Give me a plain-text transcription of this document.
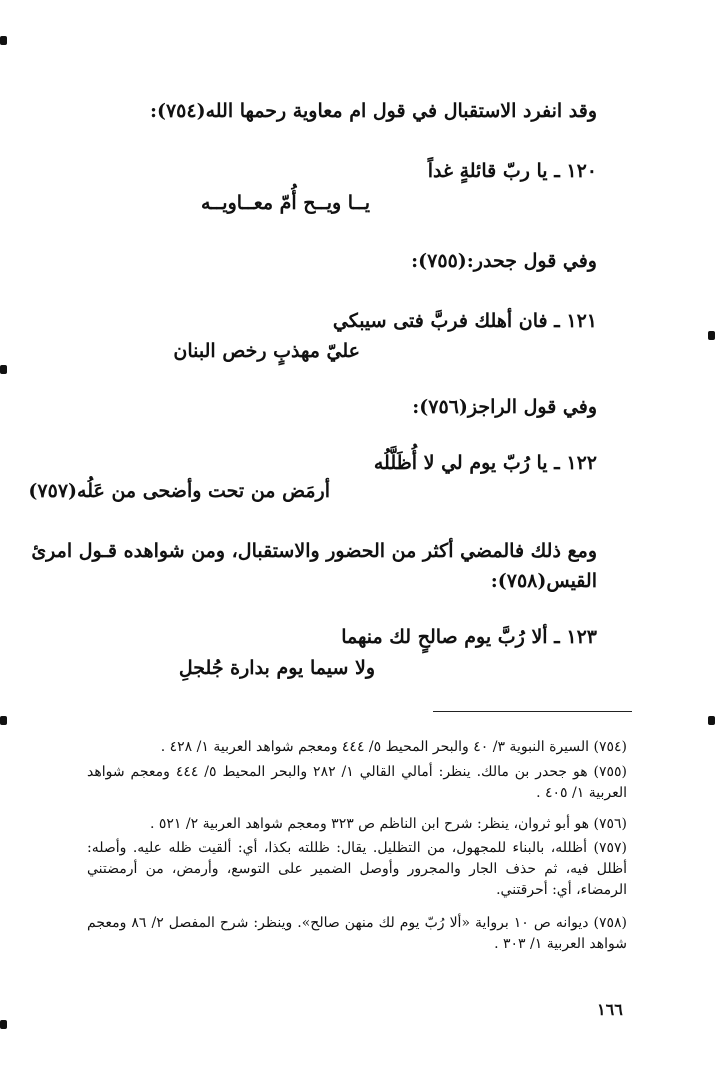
وقد انفرد الاستقبال في قول ام معاوية رحمها الله(٧٥٤):
١٢٠ ـ يا ربّ قائلةٍ غداً
يــا ويــح أُمّ معــاويــه
وفي قول جحدر:(٧٥٥):
١٢١ ـ فان أهلك فربَّ فتى سيبكي
عليّ مهذبٍ رخص البنان
وفي قول الراجز(٧٥٦):
١٢٢ ـ يا رُبّ يوم لي لا أُظَلَّلُه
أرمَض من تحت وأضحى من عَلُه(٧٥٧)
ومع ذلك فالمضي أكثر من الحضور والاستقبال، ومن شواهده قـول امرئ
القيس(٧٥٨):
١٢٣ ـ ألا رُبَّ يوم صالحٍ لك منهما
ولا سيما يوم بدارة جُلجلِ
(٧٥٤) السيرة النبوية ٣/ ٤٠ والبحر المحيط ٥/ ٤٤٤ ومعجم شواهد العربية ١/ ٤٢٨ .
(٧٥٥) هو جحدر بن مالك. ينظر: أمالي القالي ١/ ٢٨٢ والبحر المحيط ٥/ ٤٤٤ ومعجم شواهد العربية ١/ ٤٠٥ .
(٧٥٦) هو أبو ثروان، ينظر: شرح ابن الناظم ص ٣٢٣ ومعجم شواهد العربية ٢/ ٥٢١ .
(٧٥٧) أظلله، بالبناء للمجهول، من التظليل. يقال: ظللته بكذا، أي: ألقيت ظله عليه. وأصله: أظلل فيه، ثم حذف الجار والمجرور وأوصل الضمير على التوسع، وأرمض، من أرمضتني الرمضاء، أي: أحرقتني.
(٧٥٨) ديوانه ص ١٠ برواية «ألا رُبّ يوم لك منهن صالح». وينظر: شرح المفصل ٢/ ٨٦ ومعجم شواهد العربية ١/ ٣٠٣ .
١٦٦
